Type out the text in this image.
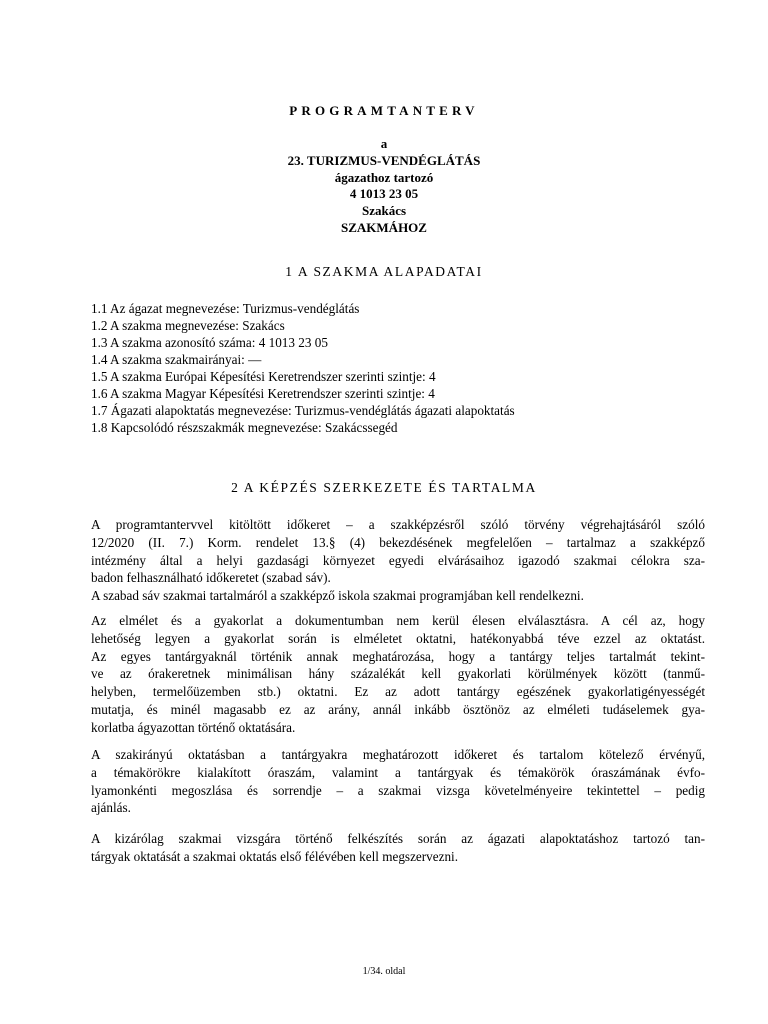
PROGRAMTANTERV
a
23. TURIZMUS-VENDÉGLÁTÁS
ágazathoz tartozó
4 1013 23 05
Szakács
SZAKMÁHOZ
1 A SZAKMA ALAPADATAI
1.1 Az ágazat megnevezése: Turizmus-vendéglátás
1.2 A szakma megnevezése: Szakács
1.3 A szakma azonosító száma: 4 1013 23 05
1.4 A szakma szakmairányai: ―
1.5 A szakma Európai Képesítési Keretrendszer szerinti szintje: 4
1.6 A szakma Magyar Képesítési Keretrendszer szerinti szintje: 4
1.7 Ágazati alapoktatás megnevezése: Turizmus-vendéglátás ágazati alapoktatás
1.8 Kapcsolódó részszakmák megnevezése: Szakácssegéd
2 A KÉPZÉS SZERKEZETE ÉS TARTALMA
A programtantervvel kitöltött időkeret – a szakképzésről szóló törvény végrehajtásáról szóló
12/2020 (II. 7.) Korm. rendelet 13.§ (4) bekezdésének megfelelően – tartalmaz a szakképző
intézmény által a helyi gazdasági környezet egyedi elvárásaihoz igazodó szakmai célokra sza-
badon felhasználható időkeretet (szabad sáv).
A szabad sáv szakmai tartalmáról a szakképző iskola szakmai programjában kell rendelkezni.
Az elmélet és a gyakorlat a dokumentumban nem kerül élesen elválasztásra. A cél az, hogy
lehetőség legyen a gyakorlat során is elméletet oktatni, hatékonyabbá téve ezzel az oktatást.
Az egyes tantárgyaknál történik annak meghatározása, hogy a tantárgy teljes tartalmát tekint-
ve az órakeretnek minimálisan hány százalékát kell gyakorlati körülmények között (tanmű-
helyben, termelőüzemben stb.) oktatni. Ez az adott tantárgy egészének gyakorlatigényességét
mutatja, és minél magasabb ez az arány, annál inkább ösztönöz az elméleti tudáselemek gya-
korlatba ágyazottan történő oktatására.
A szakirányú oktatásban a tantárgyakra meghatározott időkeret és tartalom kötelező érvényű,
a témakörökre kialakított óraszám, valamint a tantárgyak és témakörök óraszámának évfo-
lyamonkénti megoszlása és sorrendje – a szakmai vizsga követelményeire tekintettel – pedig
ajánlás.
A kizárólag szakmai vizsgára történő felkészítés során az ágazati alapoktatáshoz tartozó tan-
tárgyak oktatását a szakmai oktatás első félévében kell megszervezni.
1/34. oldal
